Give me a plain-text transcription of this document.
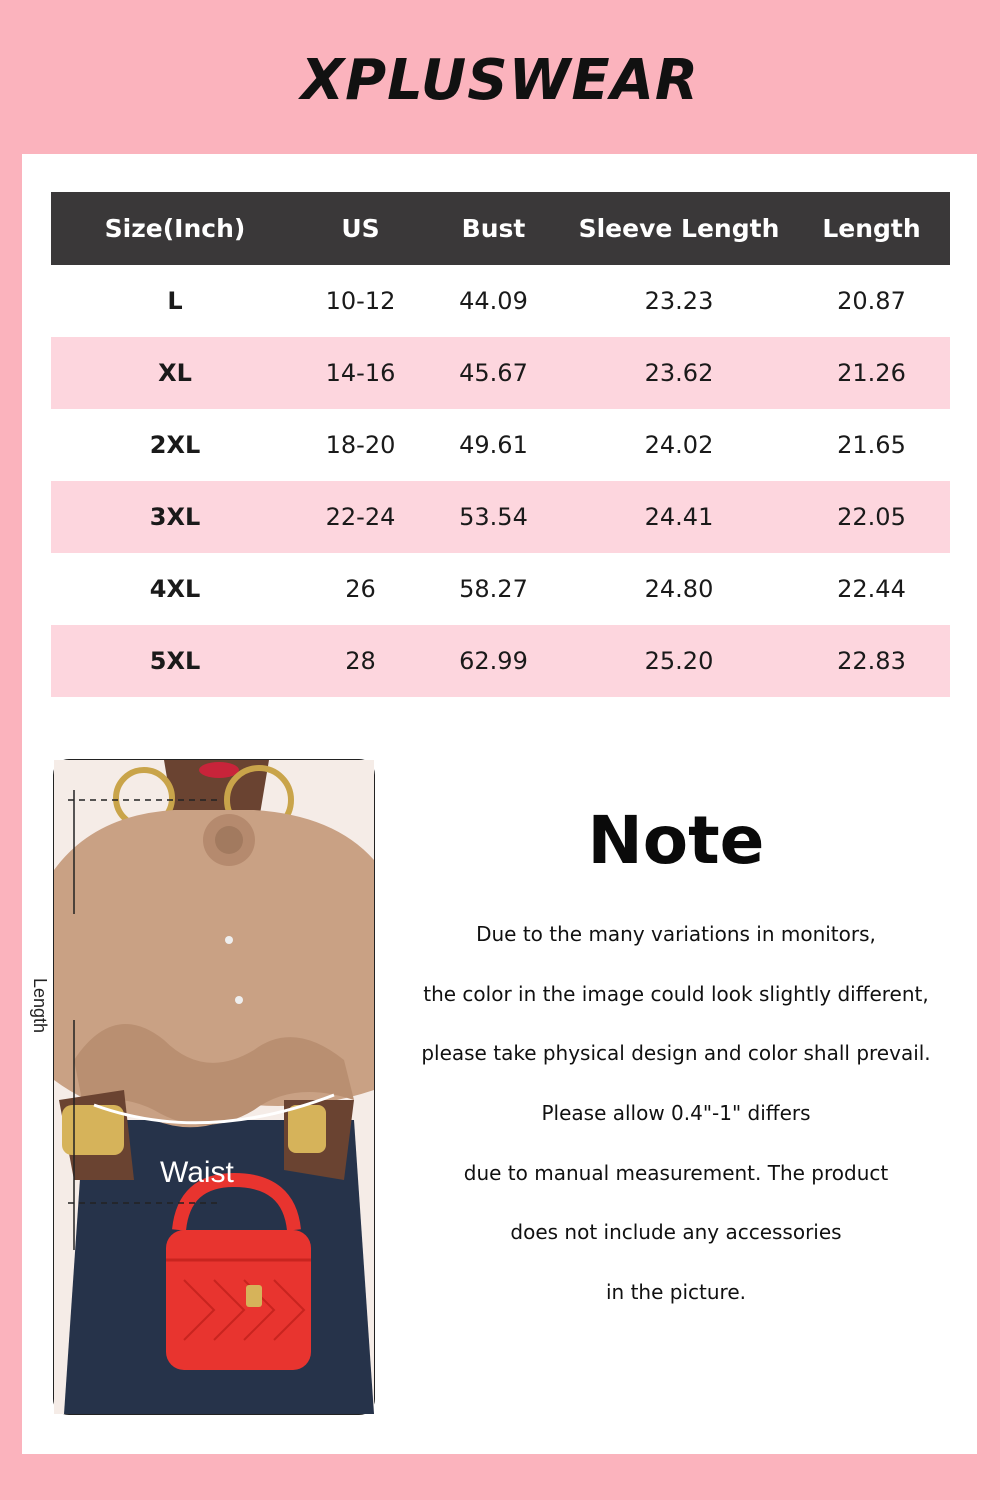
XPLUSWEAR
Size(Inch)	US	Bust	Sleeve Length	Length
L	10-12	44.09	23.23	20.87
XL	14-16	45.67	23.62	21.26
2XL	18-20	49.61	24.02	21.65
3XL	22-24	53.54	24.41	22.05
4XL	26	58.27	24.80	22.44
5XL	28	62.99	25.20	22.83
Waist
Length
Note
Due to the many variations in monitors,
the color in the image could look slightly different,
please take physical design and color shall prevail.
Please allow 0.4"-1" differs
due to manual measurement. The product
does not include any accessories
in the picture.
